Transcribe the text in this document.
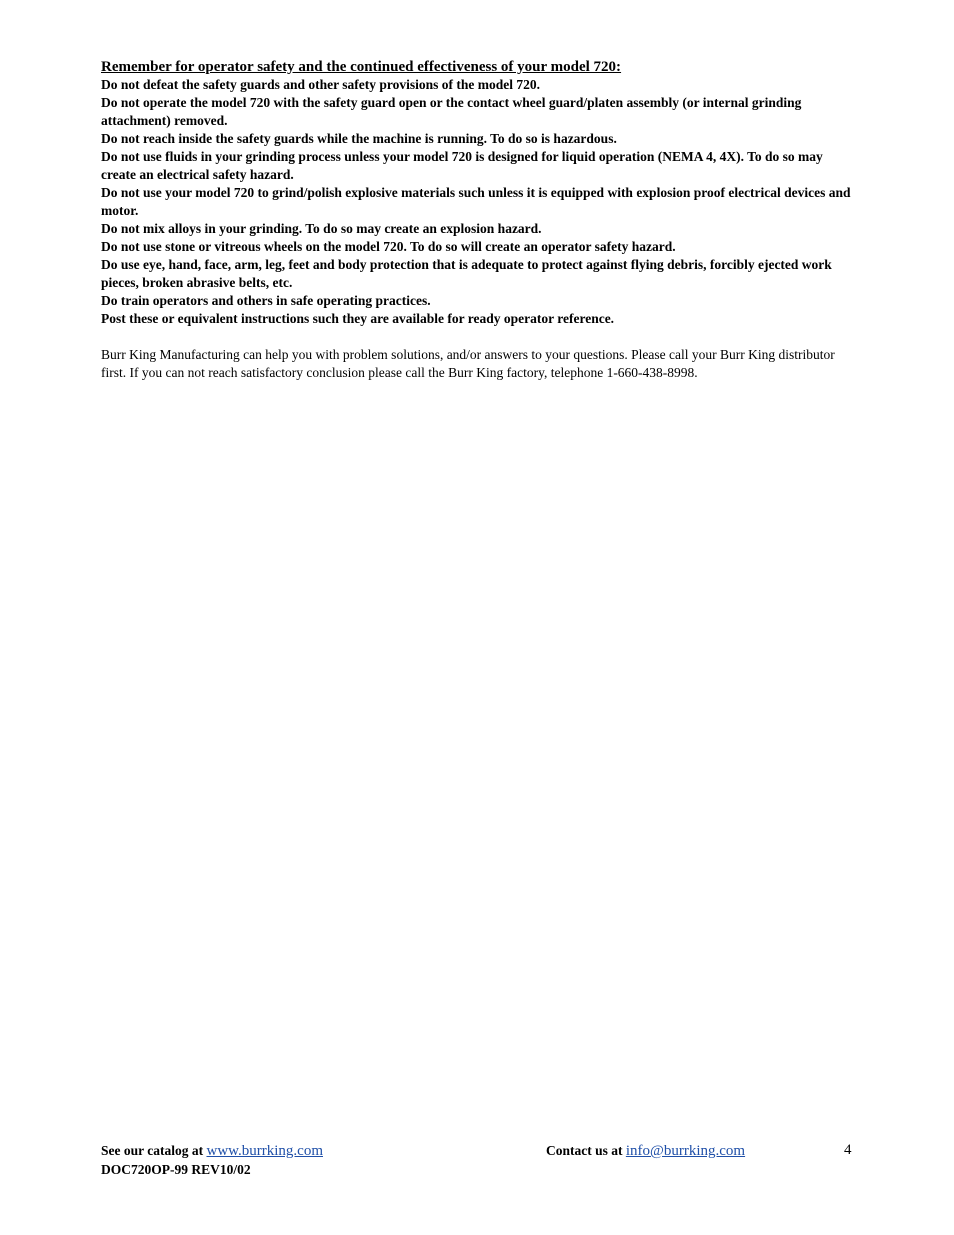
Remember for operator safety and the continued effectiveness of your model 720:

Do not defeat the safety guards and other safety provisions of the model 720.
Do not operate the model 720 with the safety guard open or the contact wheel guard/platen assembly (or internal grinding attachment) removed.
Do not reach inside the safety guards while the machine is running. To do so is hazardous.
Do not use fluids in your grinding process unless your model 720 is designed for liquid operation (NEMA 4, 4X). To do so may create an electrical safety hazard.
Do not use your model 720 to grind/polish explosive materials such unless it is equipped with explosion proof electrical devices and motor.
Do not mix alloys in your grinding. To do so may create an explosion hazard.
Do not use stone or vitreous wheels on the model 720. To do so will create an operator safety hazard.
Do use eye, hand, face, arm, leg, feet and body protection that is adequate to protect against flying debris, forcibly ejected work pieces, broken abrasive belts, etc.
Do train operators and others in safe operating practices.
Post these or equivalent instructions such they are available for ready operator reference.

Burr King Manufacturing can help you with problem solutions, and/or answers to your questions. Please call your Burr King distributor first. If you can not reach satisfactory conclusion please call the Burr King factory, telephone 1-660-438-8998.

See our catalog at www.burrking.com
DOC720OP-99 REV10/02
Contact us at info@burrking.com	4
